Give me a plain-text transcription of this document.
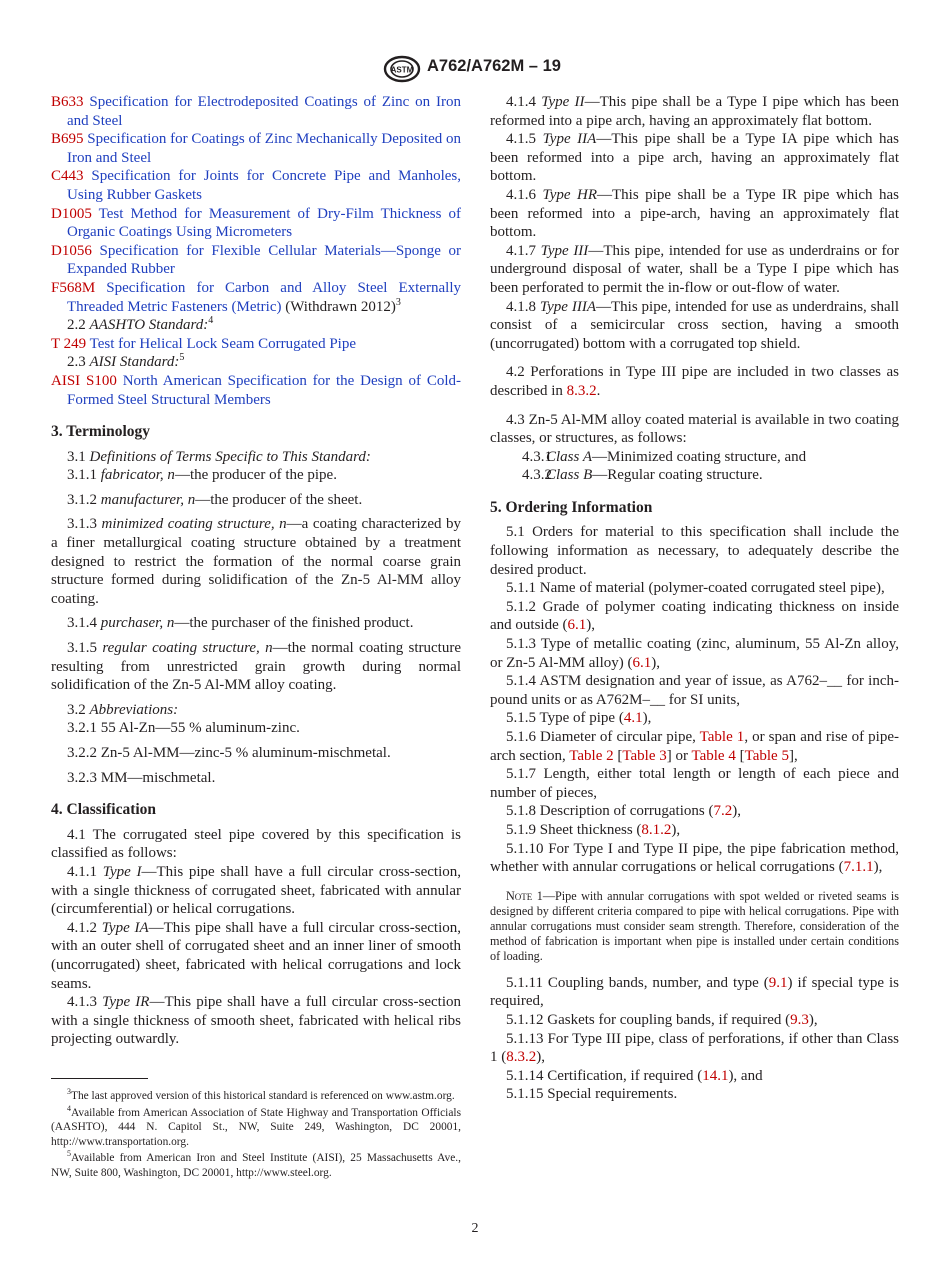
ASTM A762/A762M – 19

B633 Specification for Electrodeposited Coatings of Zinc on Iron and Steel

B695 Specification for Coatings of Zinc Mechanically Deposited on Iron and Steel

C443 Specification for Joints for Concrete Pipe and Manholes, Using Rubber Gaskets

D1005 Test Method for Measurement of Dry-Film Thickness of Organic Coatings Using Micrometers

D1056 Specification for Flexible Cellular Materials—Sponge or Expanded Rubber

F568M Specification for Carbon and Alloy Steel Externally Threaded Metric Fasteners (Metric) (Withdrawn 2012)$^3$

2.2 AASHTO Standard:$^4$

T 249 Test for Helical Lock Seam Corrugated Pipe

2.3 AISI Standard:$^5$

AISI S100 North American Specification for the Design of Cold-Formed Steel Structural Members

3. Terminology

3.1 Definitions of Terms Specific to This Standard:

3.1.1 fabricator, n—the producer of the pipe.

3.1.2 manufacturer, n—the producer of the sheet.

3.1.3 minimized coating structure, n—a coating characterized by a finer metallurgical coating structure obtained by a treatment designed to restrict the formation of the normal coarse grain structure formed during solidification of the Zn-5 Al-MM alloy coating.

3.1.4 purchaser, n—the purchaser of the finished product.

3.1.5 regular coating structure, n—the normal coating structure resulting from unrestricted grain growth during normal solidification of the Zn-5 Al-MM alloy coating.

3.2 Abbreviations:

3.2.1 55 Al-Zn—55 % aluminum-zinc.

3.2.2 Zn-5 Al-MM—zinc-5 % aluminum-mischmetal.

3.2.3 MM—mischmetal.

4. Classification

4.1 The corrugated steel pipe covered by this specification is classified as follows:

4.1.1 Type I—This pipe shall have a full circular cross-section, with a single thickness of corrugated sheet, fabricated with annular (circumferential) or helical corrugations.

4.1.2 Type IA—This pipe shall have a full circular cross-section, with an outer shell of corrugated sheet and an inner liner of smooth (uncorrugated) sheet, fabricated with helical corrugations and lock seams.

4.1.3 Type IR—This pipe shall have a full circular cross-section with a single thickness of smooth sheet, fabricated with helical ribs projecting outwardly.

$^3$The last approved version of this historical standard is referenced on www.astm.org.

$^4$Available from American Association of State Highway and Transportation Officials (AASHTO), 444 N. Capitol St., NW, Suite 249, Washington, DC 20001, http://www.transportation.org.

$^5$Available from American Iron and Steel Institute (AISI), 25 Massachusetts Ave., NW, Suite 800, Washington, DC 20001, http://www.steel.org.

4.1.4 Type II—This pipe shall be a Type I pipe which has been reformed into a pipe arch, having an approximately flat bottom.

4.1.5 Type IIA—This pipe shall be a Type IA pipe which has been reformed into a pipe arch, having an approximately flat bottom.

4.1.6 Type HR—This pipe shall be a Type IR pipe which has been reformed into a pipe-arch, having an approximately flat bottom.

4.1.7 Type III—This pipe, intended for use as underdrains or for underground disposal of water, shall be a Type I pipe which has been perforated to permit the in-flow or out-flow of water.

4.1.8 Type IIIA—This pipe, intended for use as underdrains, shall consist of a semicircular cross section, having a smooth (uncorrugated) bottom with a corrugated top shield.

4.2 Perforations in Type III pipe are included in two classes as described in 8.3.2.

4.3 Zn-5 Al-MM alloy coated material is available in two coating classes, or structures, as follows:

4.3.1Class A—Minimized coating structure, and

4.3.2Class B—Regular coating structure.

5. Ordering Information

5.1 Orders for material to this specification shall include the following information as necessary, to adequately describe the desired product.

5.1.1 Name of material (polymer-coated corrugated steel pipe),

5.1.2 Grade of polymer coating indicating thickness on inside and outside (6.1),

5.1.3 Type of metallic coating (zinc, aluminum, 55 Al-Zn alloy, or Zn-5 Al-MM alloy) (6.1),

5.1.4 ASTM designation and year of issue, as A762–__ for inch-pound units or as A762M–__ for SI units,

5.1.5 Type of pipe (4.1),

5.1.6 Diameter of circular pipe, Table 1, or span and rise of pipe-arch section, Table 2 [Table 3] or Table 4 [Table 5],

5.1.7 Length, either total length or length of each piece and number of pieces,

5.1.8 Description of corrugations (7.2),

5.1.9 Sheet thickness (8.1.2),

5.1.10 For Type I and Type II pipe, the pipe fabrication method, whether with annular corrugations or helical corrugations (7.1.1),

Note 1—Pipe with annular corrugations with spot welded or riveted seams is designed by different criteria compared to pipe with helical corrugations. Pipe with annular corrugations must consider seam strength. Therefore, consideration of the method of fabrication is important when pipe is installed under certain conditions of loading.

5.1.11 Coupling bands, number, and type (9.1) if special type is required,

5.1.12 Gaskets for coupling bands, if required (9.3),

5.1.13 For Type III pipe, class of perforations, if other than Class 1 (8.3.2),

5.1.14 Certification, if required (14.1), and

5.1.15 Special requirements.

2
